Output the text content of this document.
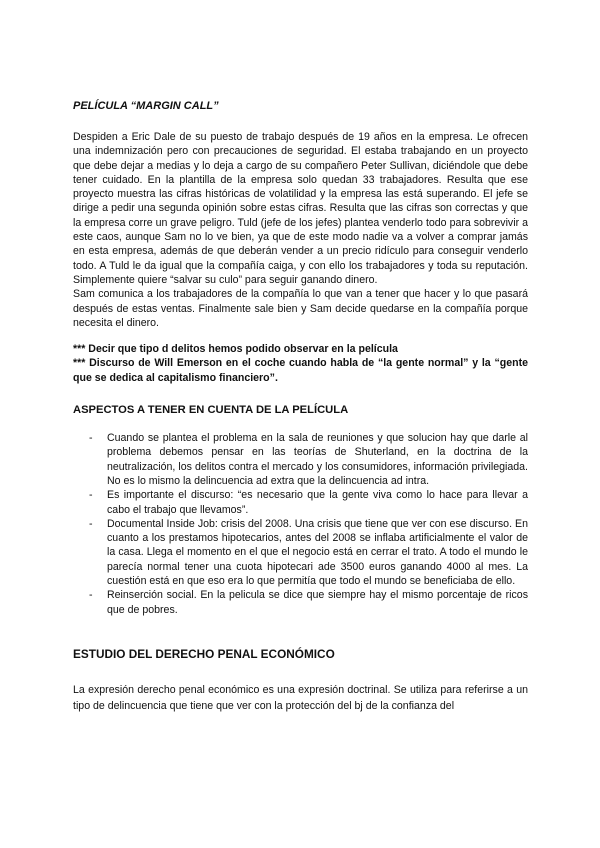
PELÍCULA “MARGIN CALL”

Despiden a Eric Dale de su puesto de trabajo después de 19 años en la empresa. Le ofrecen una indemnización pero con precauciones de seguridad. El estaba trabajando en un proyecto que debe dejar a medias y lo deja a cargo de su compañero Peter Sullivan, diciéndole que debe tener cuidado. En la plantilla de la empresa solo quedan 33 trabajadores. Resulta que ese proyecto muestra las cifras históricas de volatilidad y la empresa las está superando. El jefe se dirige a pedir una segunda opinión sobre estas cifras. Resulta que las cifras son correctas y que la empresa corre un grave peligro. Tuld (jefe de los jefes) plantea venderlo todo para sobrevivir a este caos, aunque Sam no lo ve bien, ya que de este modo nadie va a volver a comprar jamás en esta empresa, además de que deberán vender a un precio ridículo para conseguir venderlo todo. A Tuld le da igual que la compañía caiga, y con ello los trabajadores y toda su reputación. Simplemente quiere “salvar su culo” para seguir ganando dinero.

Sam comunica a los trabajadores de la compañía lo que van a tener que hacer y lo que pasará después de estas ventas. Finalmente sale bien y Sam decide quedarse en la compañía porque necesita el dinero.

*** Decir que tipo d delitos hemos podido observar en la película
*** Discurso de Will Emerson en el coche cuando habla de “la gente normal” y la “gente que se dedica al capitalismo financiero”.
ASPECTOS A TENER EN CUENTA DE LA PELÍCULA
- Cuando se plantea el problema en la sala de reuniones y que solucion hay que darle al problema debemos pensar en las teorías de Shuterland, en la doctrina de la neutralización, los delitos contra el mercado y los consumidores, información privilegiada. No es lo mismo la delincuencia ad extra que la delincuencia ad intra.
- Es importante el discurso: “es necesario que la gente viva como lo hace para llevar a cabo el trabajo que llevamos”.
- Documental Inside Job: crisis del 2008. Una crisis que tiene que ver con ese discurso. En cuanto a los prestamos hipotecarios, antes del 2008 se inflaba artificialmente el valor de la casa. Llega el momento en el que el negocio está en cerrar el trato. A todo el mundo le parecía normal tener una cuota hipotecari ade 3500 euros ganando 4000 al mes. La cuestión está en que eso era lo que permitía que todo el mundo se beneficiaba de ello.
- Reinserción social. En la pelicula se dice que siempre hay el mismo porcentaje de ricos que de pobres.
ESTUDIO DEL DERECHO PENAL ECONÓMICO

La expresión derecho penal económico es una expresión doctrinal. Se utiliza para referirse a un tipo de delincuencia que tiene que ver con la protección del bj de la confianza del
